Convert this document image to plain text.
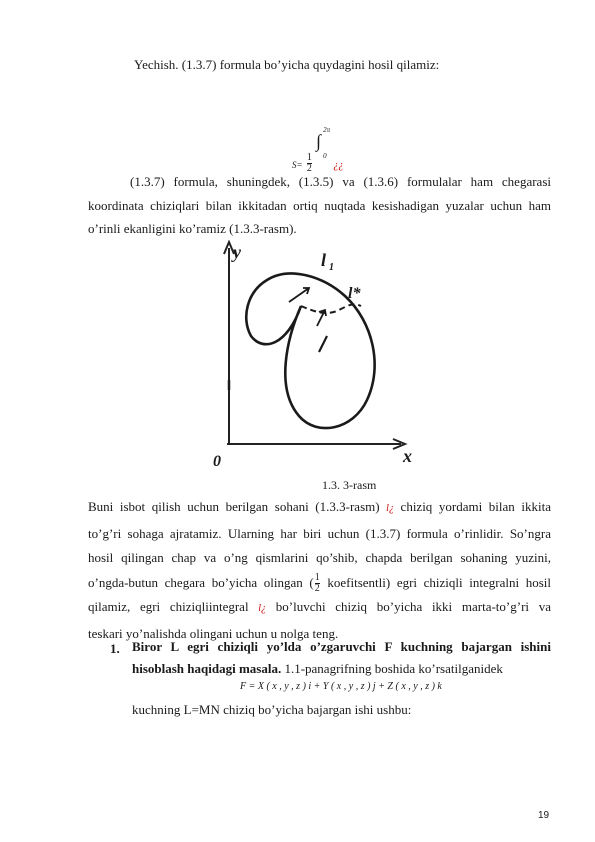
Yechish. (1.3.7) formula bo’yicha quydagini hosil qilamiz:
$_{S=} \frac{1}{2}$

∫
2π
0
$_{¿¿}$
(1.3.7) formula, shuningdek, (1.3.5) va (1.3.6) formulalar ham chegarasi
koordinata chiziqlari bilan ikkitadan ortiq nuqtada kesishadigan yuzalar uchun ham
o’rinli ekanligini ko’ramiz (1.3.3-rasm).
y
x
0
l 1
l*
1.3. 3-rasm
Buni isbot qilish uchun berilgan sohani (1.3.3-rasm) l¿ chiziq yordami bilan ikkita
to’g’ri sohaga ajratamiz. Ularning har biri uchun (1.3.7) formula o’rinlidir. So’ngra
hosil qilingan chap va o’ng qismlarini qo’shib, chapda berilgan sohaning yuzini,
o’ngda-butun chegara bo’yicha olingan ( $\frac{1}{2}$ koefitsentli) egri chiziqli integralni hosil
qilamiz, egri chiziqliintegral l¿ bo’luvchi chiziq bo’yicha ikki marta-to’g’ri va
teskari yo’nalishda olingani uchun u nolga teng.
1. Biror L egri chiziqli yo’lda o’zgaruvchi F kuchning bajargan ishini
hisoblash haqidagi masala. 1.1-panagrifning boshida ko’rsatilganidek
F = X ( x , y , z ) i + Y ( x , y , z ) j + Z ( x , y , z ) k
kuchning L=MN chiziq bo’yicha bajargan ishi ushbu:
19
